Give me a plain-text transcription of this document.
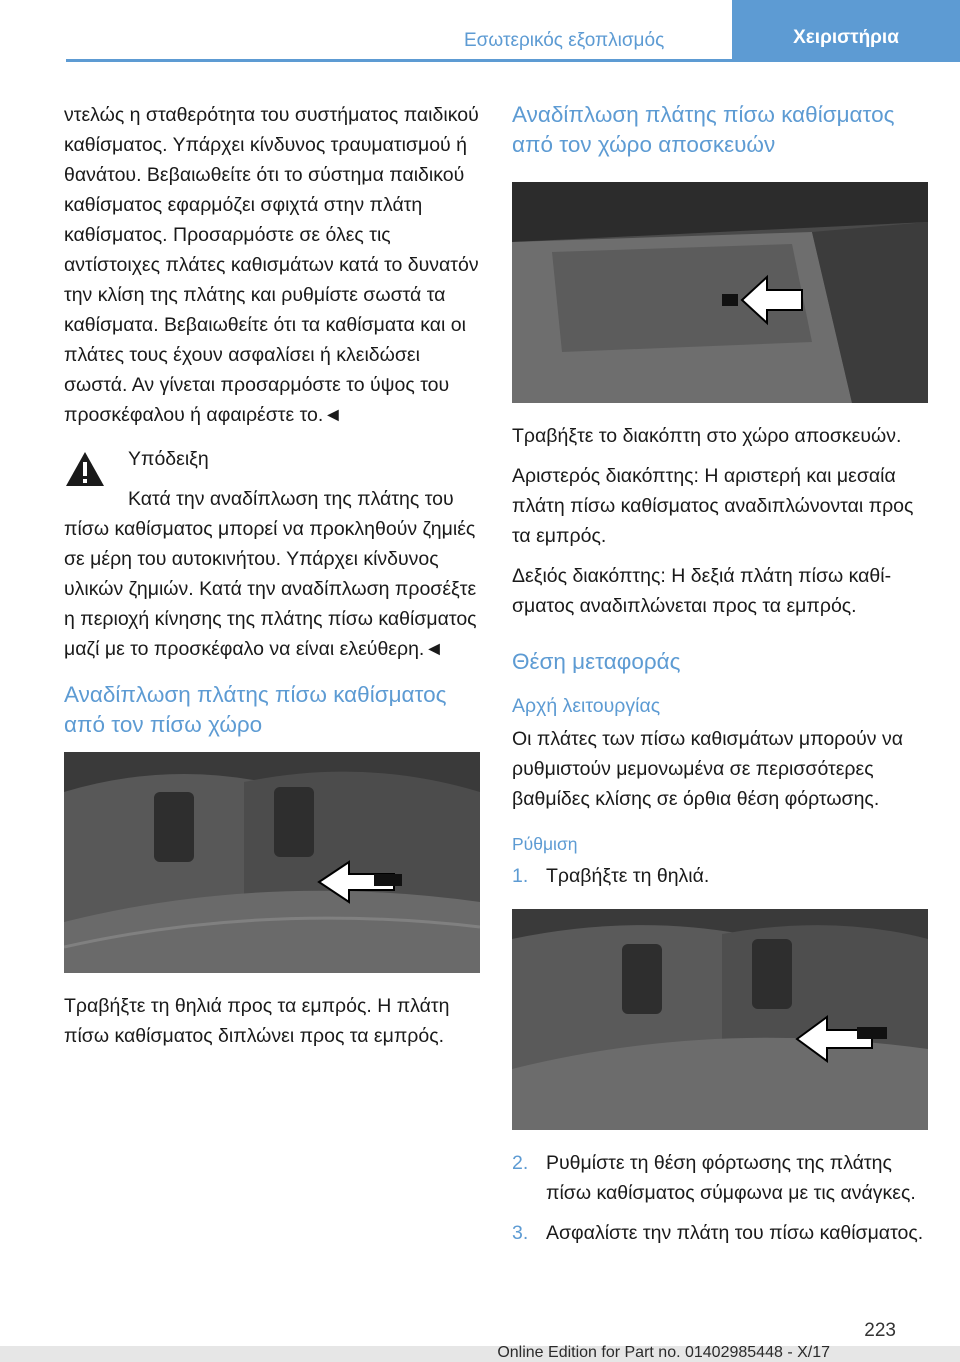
Εσωτερικός εξοπλισμός	Χειριστήρια

ντελώς η σταθερότητα του συστήματος παιδικού καθίσματος. Υπάρχει κίνδυνος τραυματισμού ή θανάτου. Βεβαιωθείτε ότι το σύστημα παιδικού καθίσματος εφαρμόζει σφιχτά στην πλάτη καθίσματος. Προσαρμόστε σε όλες τις αντίστοιχες πλάτες καθισμάτων κατά το δυνατόν την κλίση της πλάτης και ρυθμίστε σωστά τα καθίσματα. Βεβαιωθείτε ότι τα καθίσματα και οι πλάτες τους έχουν ασφαλίσει ή κλειδώσει σωστά. Αν γίνεται προσαρμόστε το ύψος του προσκέφαλου ή αφαιρέστε το.◄

Υπόδειξη

Κατά την αναδίπλωση της πλάτης του πίσω καθίσματος μπορεί να προκληθούν ζημιές σε μέρη του αυτοκινήτου. Υπάρχει κίνδυνος υλικών ζημιών. Κατά την αναδίπλωση προσέξτε η περιοχή κίνησης της πλάτης πίσω καθίσματος μαζί με το προσκέφαλο να είναι ελεύθερη.◄

Αναδίπλωση πλάτης πίσω καθίσματος από τον πίσω χώρο

Τραβήξτε τη θηλιά προς τα εμπρός. Η πλάτη πίσω καθίσματος διπλώνει προς τα εμπρός.

Αναδίπλωση πλάτης πίσω καθίσματος από τον χώρο αποσκευών

Τραβήξτε το διακόπτη στο χώρο αποσκευών.

Αριστερός διακόπτης: Η αριστερή και μεσαία πλάτη πίσω καθίσματος αναδιπλώνονται προς τα εμπρός.

Δεξιός διακόπτης: Η δεξιά πλάτη πίσω καθίσματος αναδιπλώνεται προς τα εμπρός.

Θέση μεταφοράς
Αρχή λειτουργίας

Οι πλάτες των πίσω καθισμάτων μπορούν να ρυθμιστούν μεμονωμένα σε περισσότερες βαθμίδες κλίσης σε όρθια θέση φόρτωσης.

Ρύθμιση
1. Τραβήξτε τη θηλιά.
2. Ρυθμίστε τη θέση φόρτωσης της πλάτης πίσω καθίσματος σύμφωνα με τις ανάγκες.
3. Ασφαλίστε την πλάτη του πίσω καθίσματος.
223
Online Edition for Part no. 01402985448 - X/17
